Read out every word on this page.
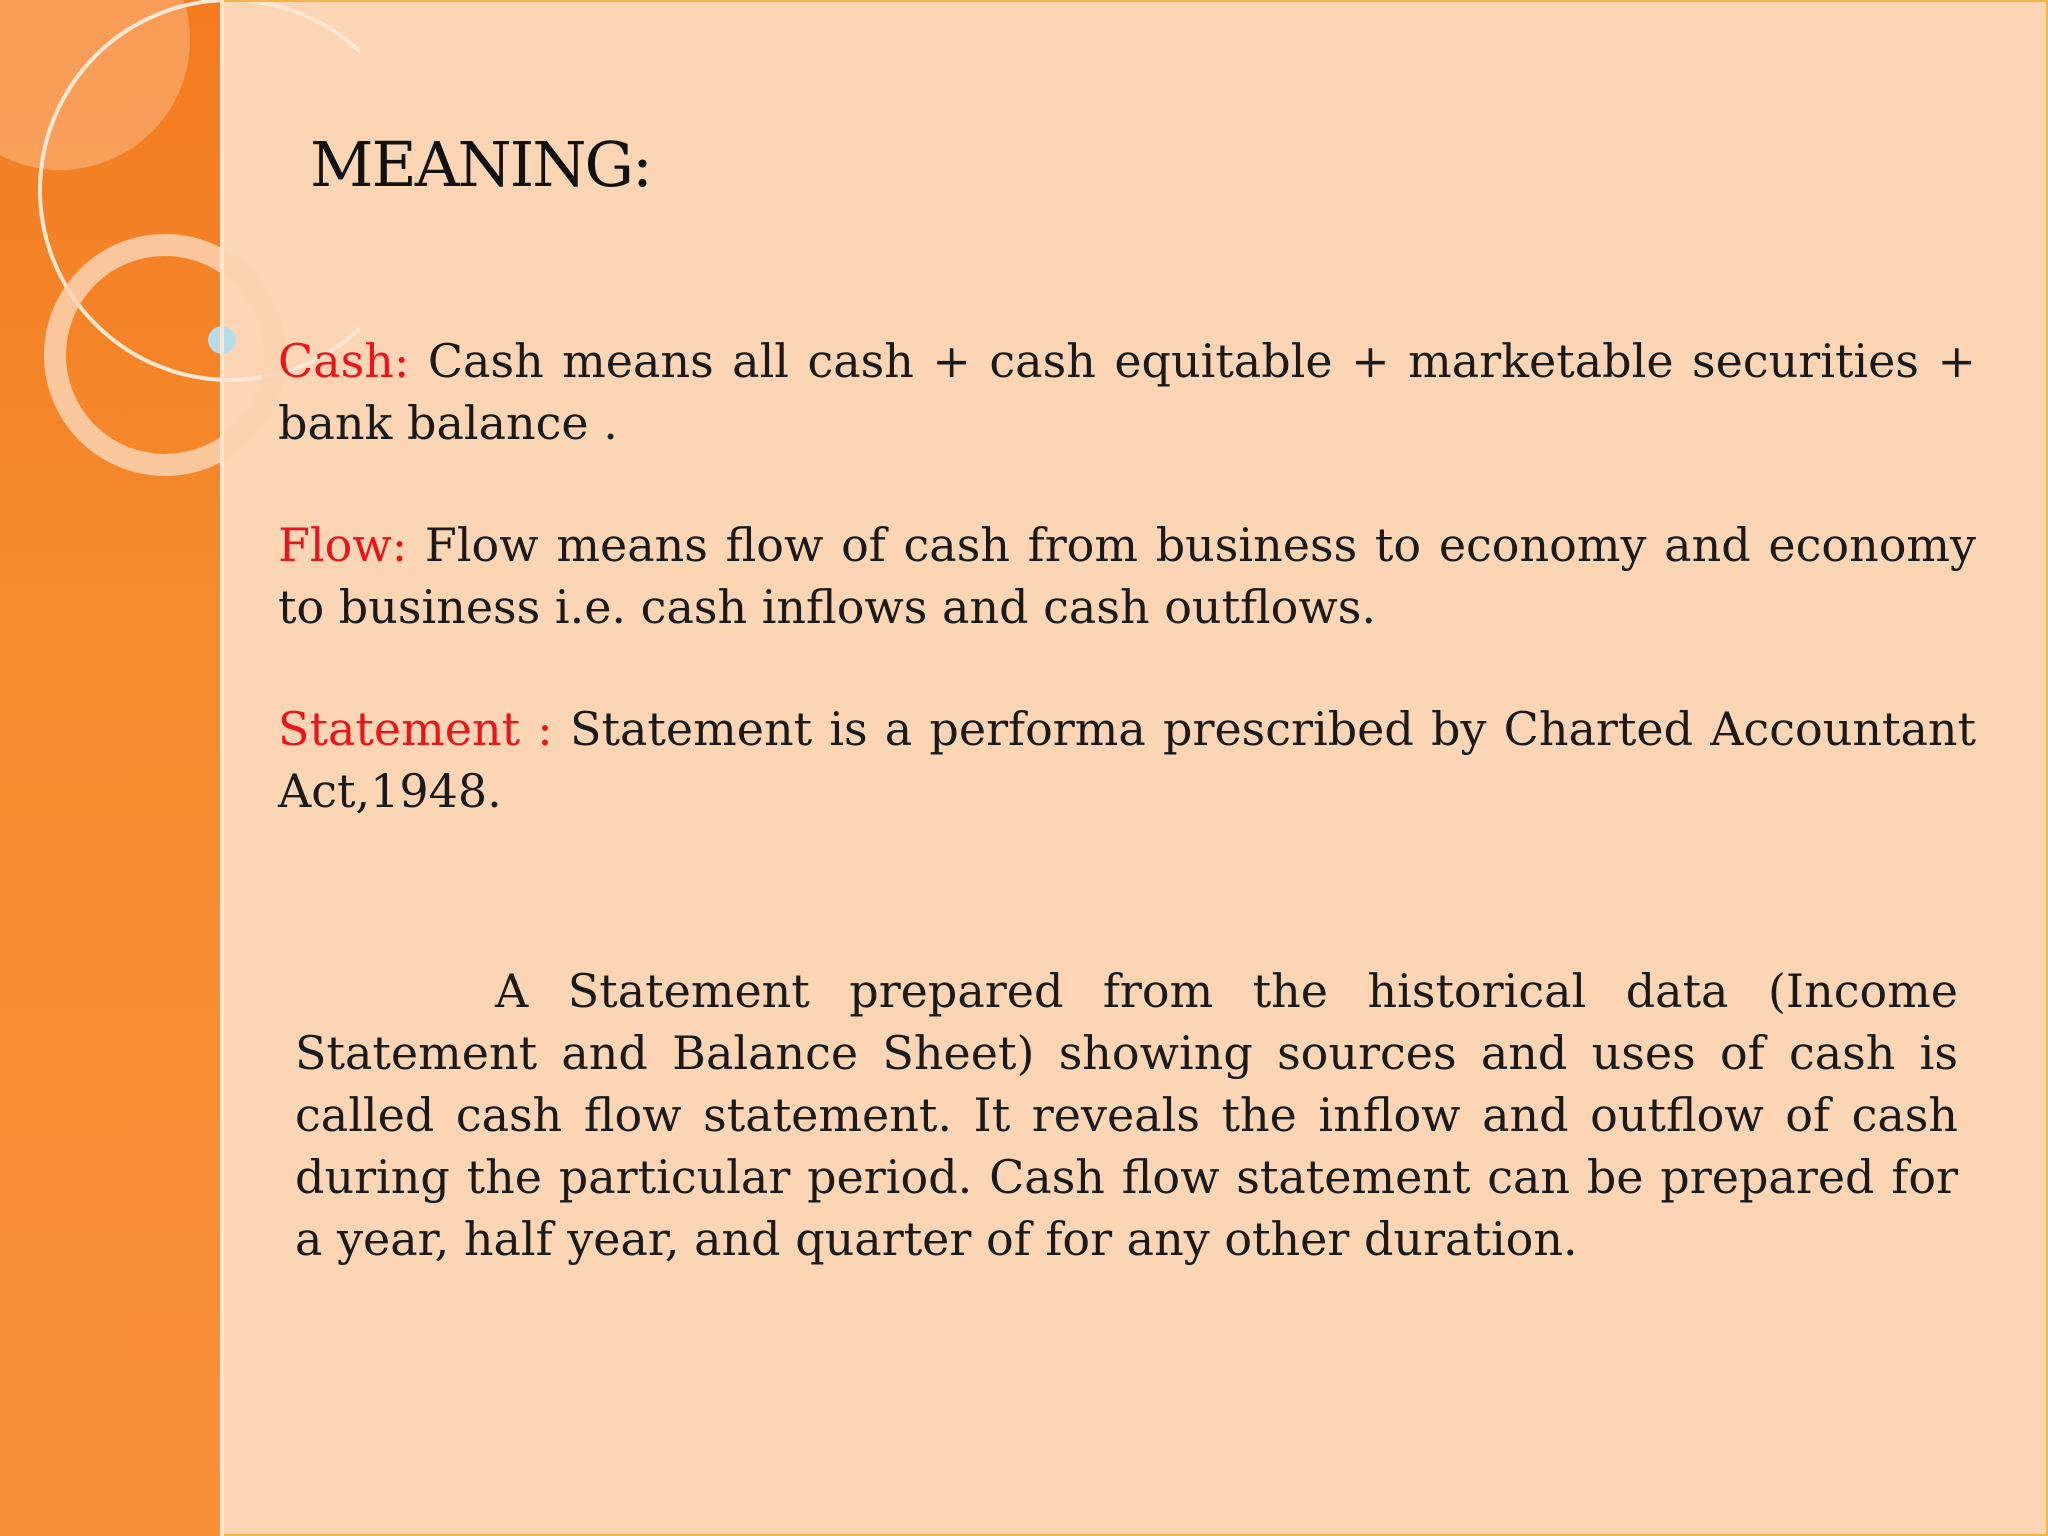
MEANING:

Cash: Cash means all cash + cash equitable + marketable securities + bank balance .

Flow: Flow means flow of cash from business to economy and economy to business i.e. cash inflows and cash outflows.

Statement : Statement is a performa prescribed by Charted Accountant Act,1948.

A Statement prepared from the historical data (Income Statement and Balance Sheet) showing sources and uses of cash is called cash flow statement. It reveals the inflow and outflow of cash during the particular period. Cash flow statement can be prepared for a year, half year, and quarter of for any other duration.
